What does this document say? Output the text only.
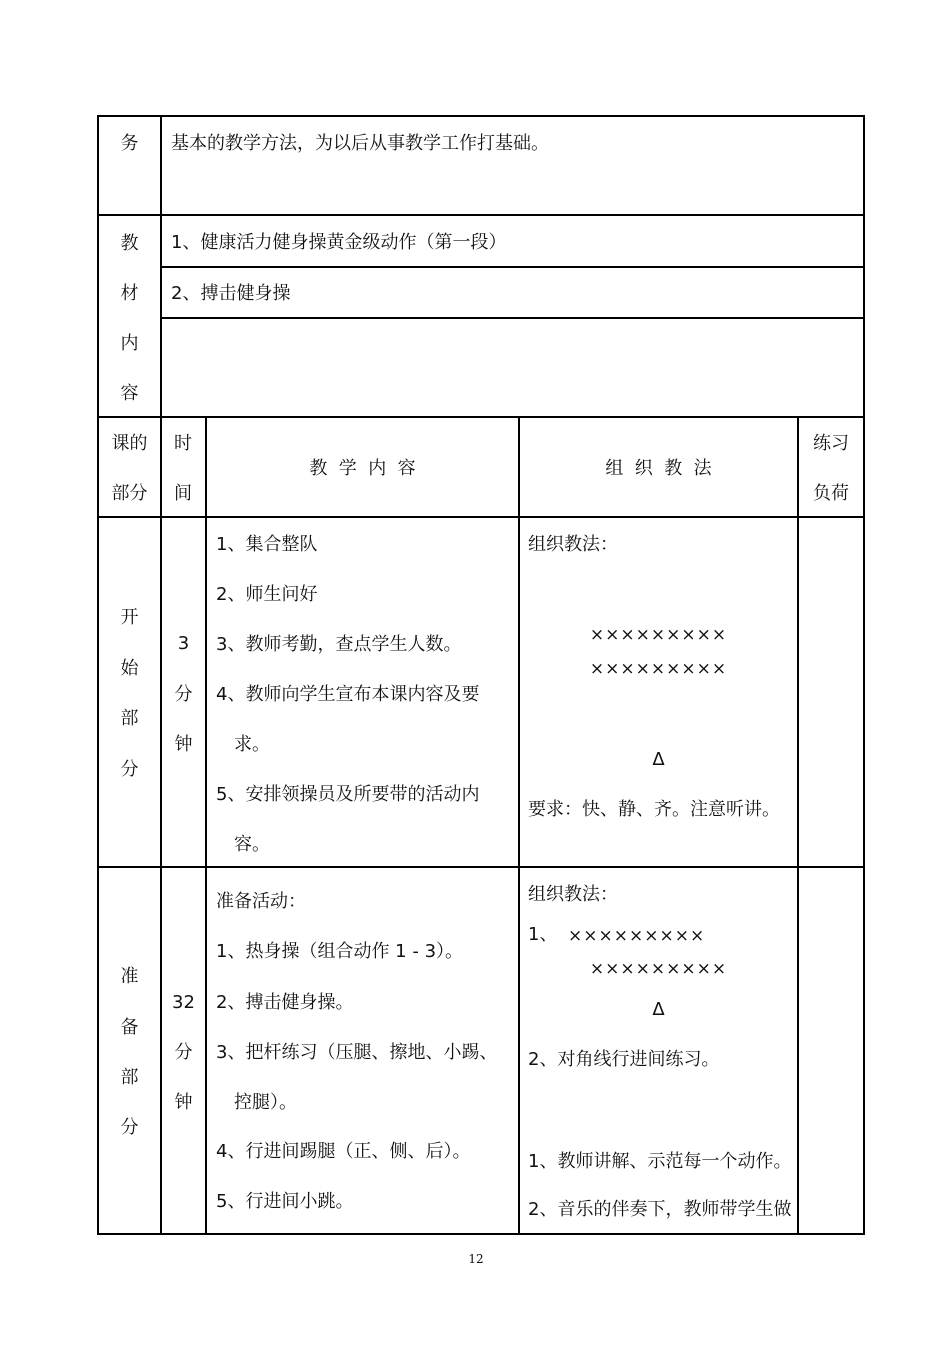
务	基本的教学方法，为以后从事教学工作打基础。
教
材
内
容
1、健康活力健身操黄金级动作（第一段）
2、搏击健身操
课的
部分
时
间
教  学  内  容	组  织  教  法
练习
负荷
开
始
部
分
3
分
钟
1、集合整队
2、师生问好
3、教师考勤，查点学生人数。
4、教师向学生宣布本课内容及要
求。
5、安排领操员及所要带的活动内
容。
组织教法：
×××××××××
×××××××××
Δ
要求：快、静、齐。注意听讲。
准
备
部
分
32
分
钟
准备活动：
1、热身操（组合动作 1 - 3）。
2、搏击健身操。
3、把杆练习（压腿、擦地、小踢、
控腿）。
4、行进间踢腿（正、侧、后）。
5、行进间小跳。
组织教法：
1、 ×××××××××
×××××××××
Δ
2、对角线行进间练习。
1、教师讲解、示范每一个动作。
2、音乐的伴奏下，教师带学生做
12
